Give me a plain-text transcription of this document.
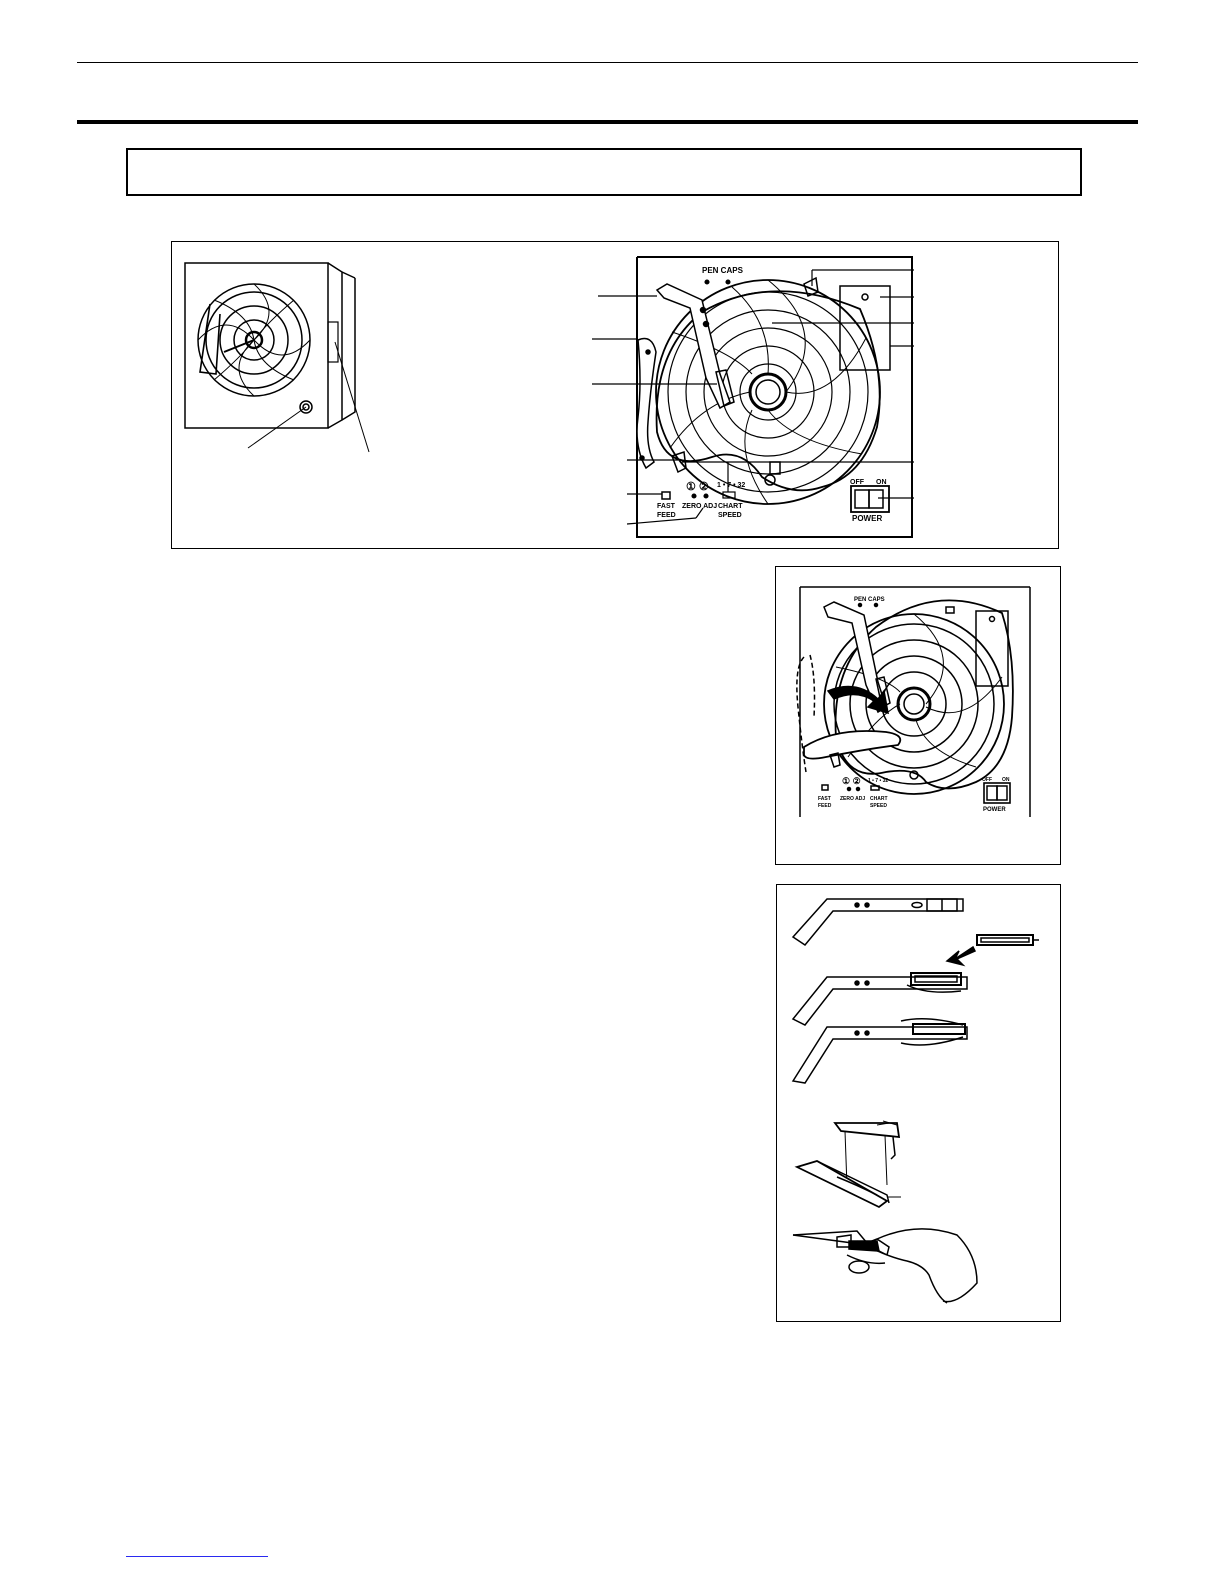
PEN CAPS
1 • 7 • 32
① ②
ZERO ADJ CHART
SPEED
FAST
FEED
OFF ON
POWER
PEN CAPS
1 • 7 • 32
① ②
ZERO ADJ CHART
SPEED
FAST
FEED
OFF ON
POWER
